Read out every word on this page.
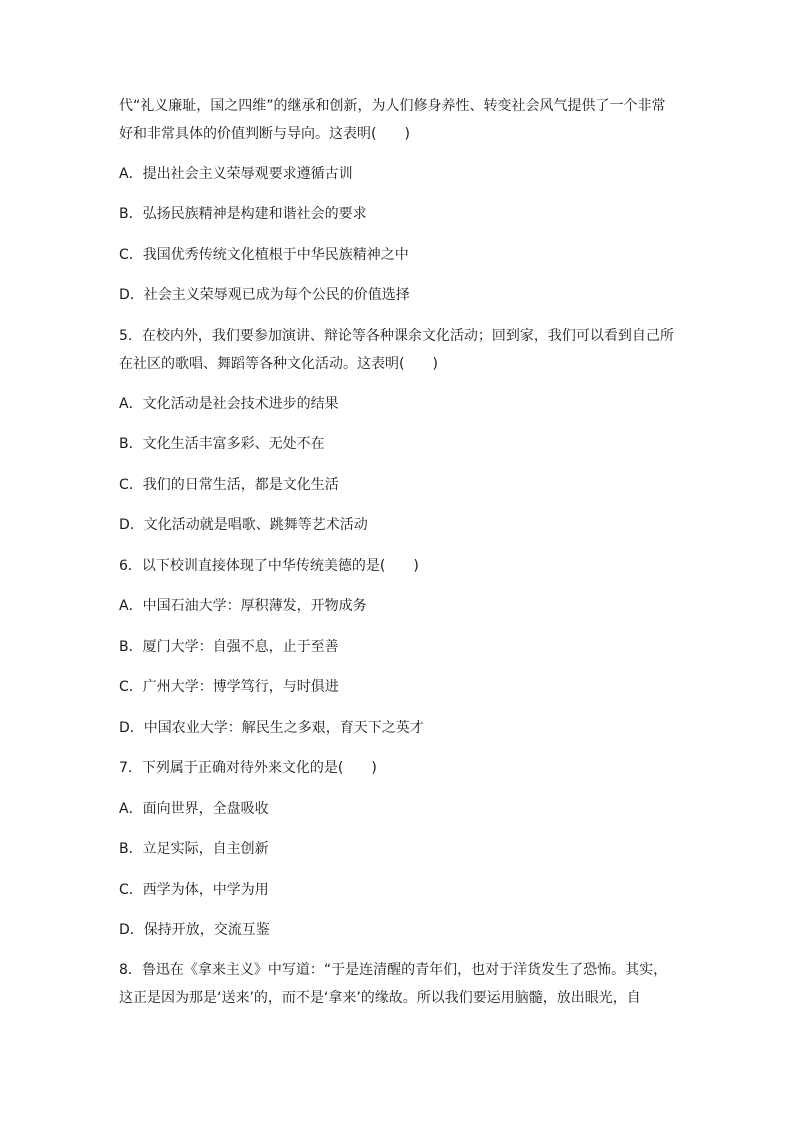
代“礼义廉耻，国之四维”的继承和创新，为人们修身养性、转变社会风气提供了一个非常
好和非常具体的价值判断与导向。这表明(　　)
A．提出社会主义荣辱观要求遵循古训
B．弘扬民族精神是构建和谐社会的要求
C．我国优秀传统文化植根于中华民族精神之中
D．社会主义荣辱观已成为每个公民的价值选择
5．在校内外，我们要参加演讲、辩论等各种课余文化活动；回到家，我们可以看到自己所
在社区的歌唱、舞蹈等各种文化活动。这表明(　　)
A．文化活动是社会技术进步的结果
B．文化生活丰富多彩、无处不在
C．我们的日常生活，都是文化生活
D．文化活动就是唱歌、跳舞等艺术活动
6．以下校训直接体现了中华传统美德的是(　　)
A．中国石油大学：厚积薄发，开物成务
B．厦门大学：自强不息，止于至善
C．广州大学：博学笃行，与时俱进
D．中国农业大学：解民生之多艰，育天下之英才
7．下列属于正确对待外来文化的是(　　)
A．面向世界，全盘吸收
B．立足实际，自主创新
C．西学为体，中学为用
D．保持开放，交流互鉴
8．鲁迅在《拿来主义》中写道：“于是连清醒的青年们，也对于洋货发生了恐怖。其实，
这正是因为那是‘送来’的，而不是‘拿来’的缘故。所以我们要运用脑髓，放出眼光，自
